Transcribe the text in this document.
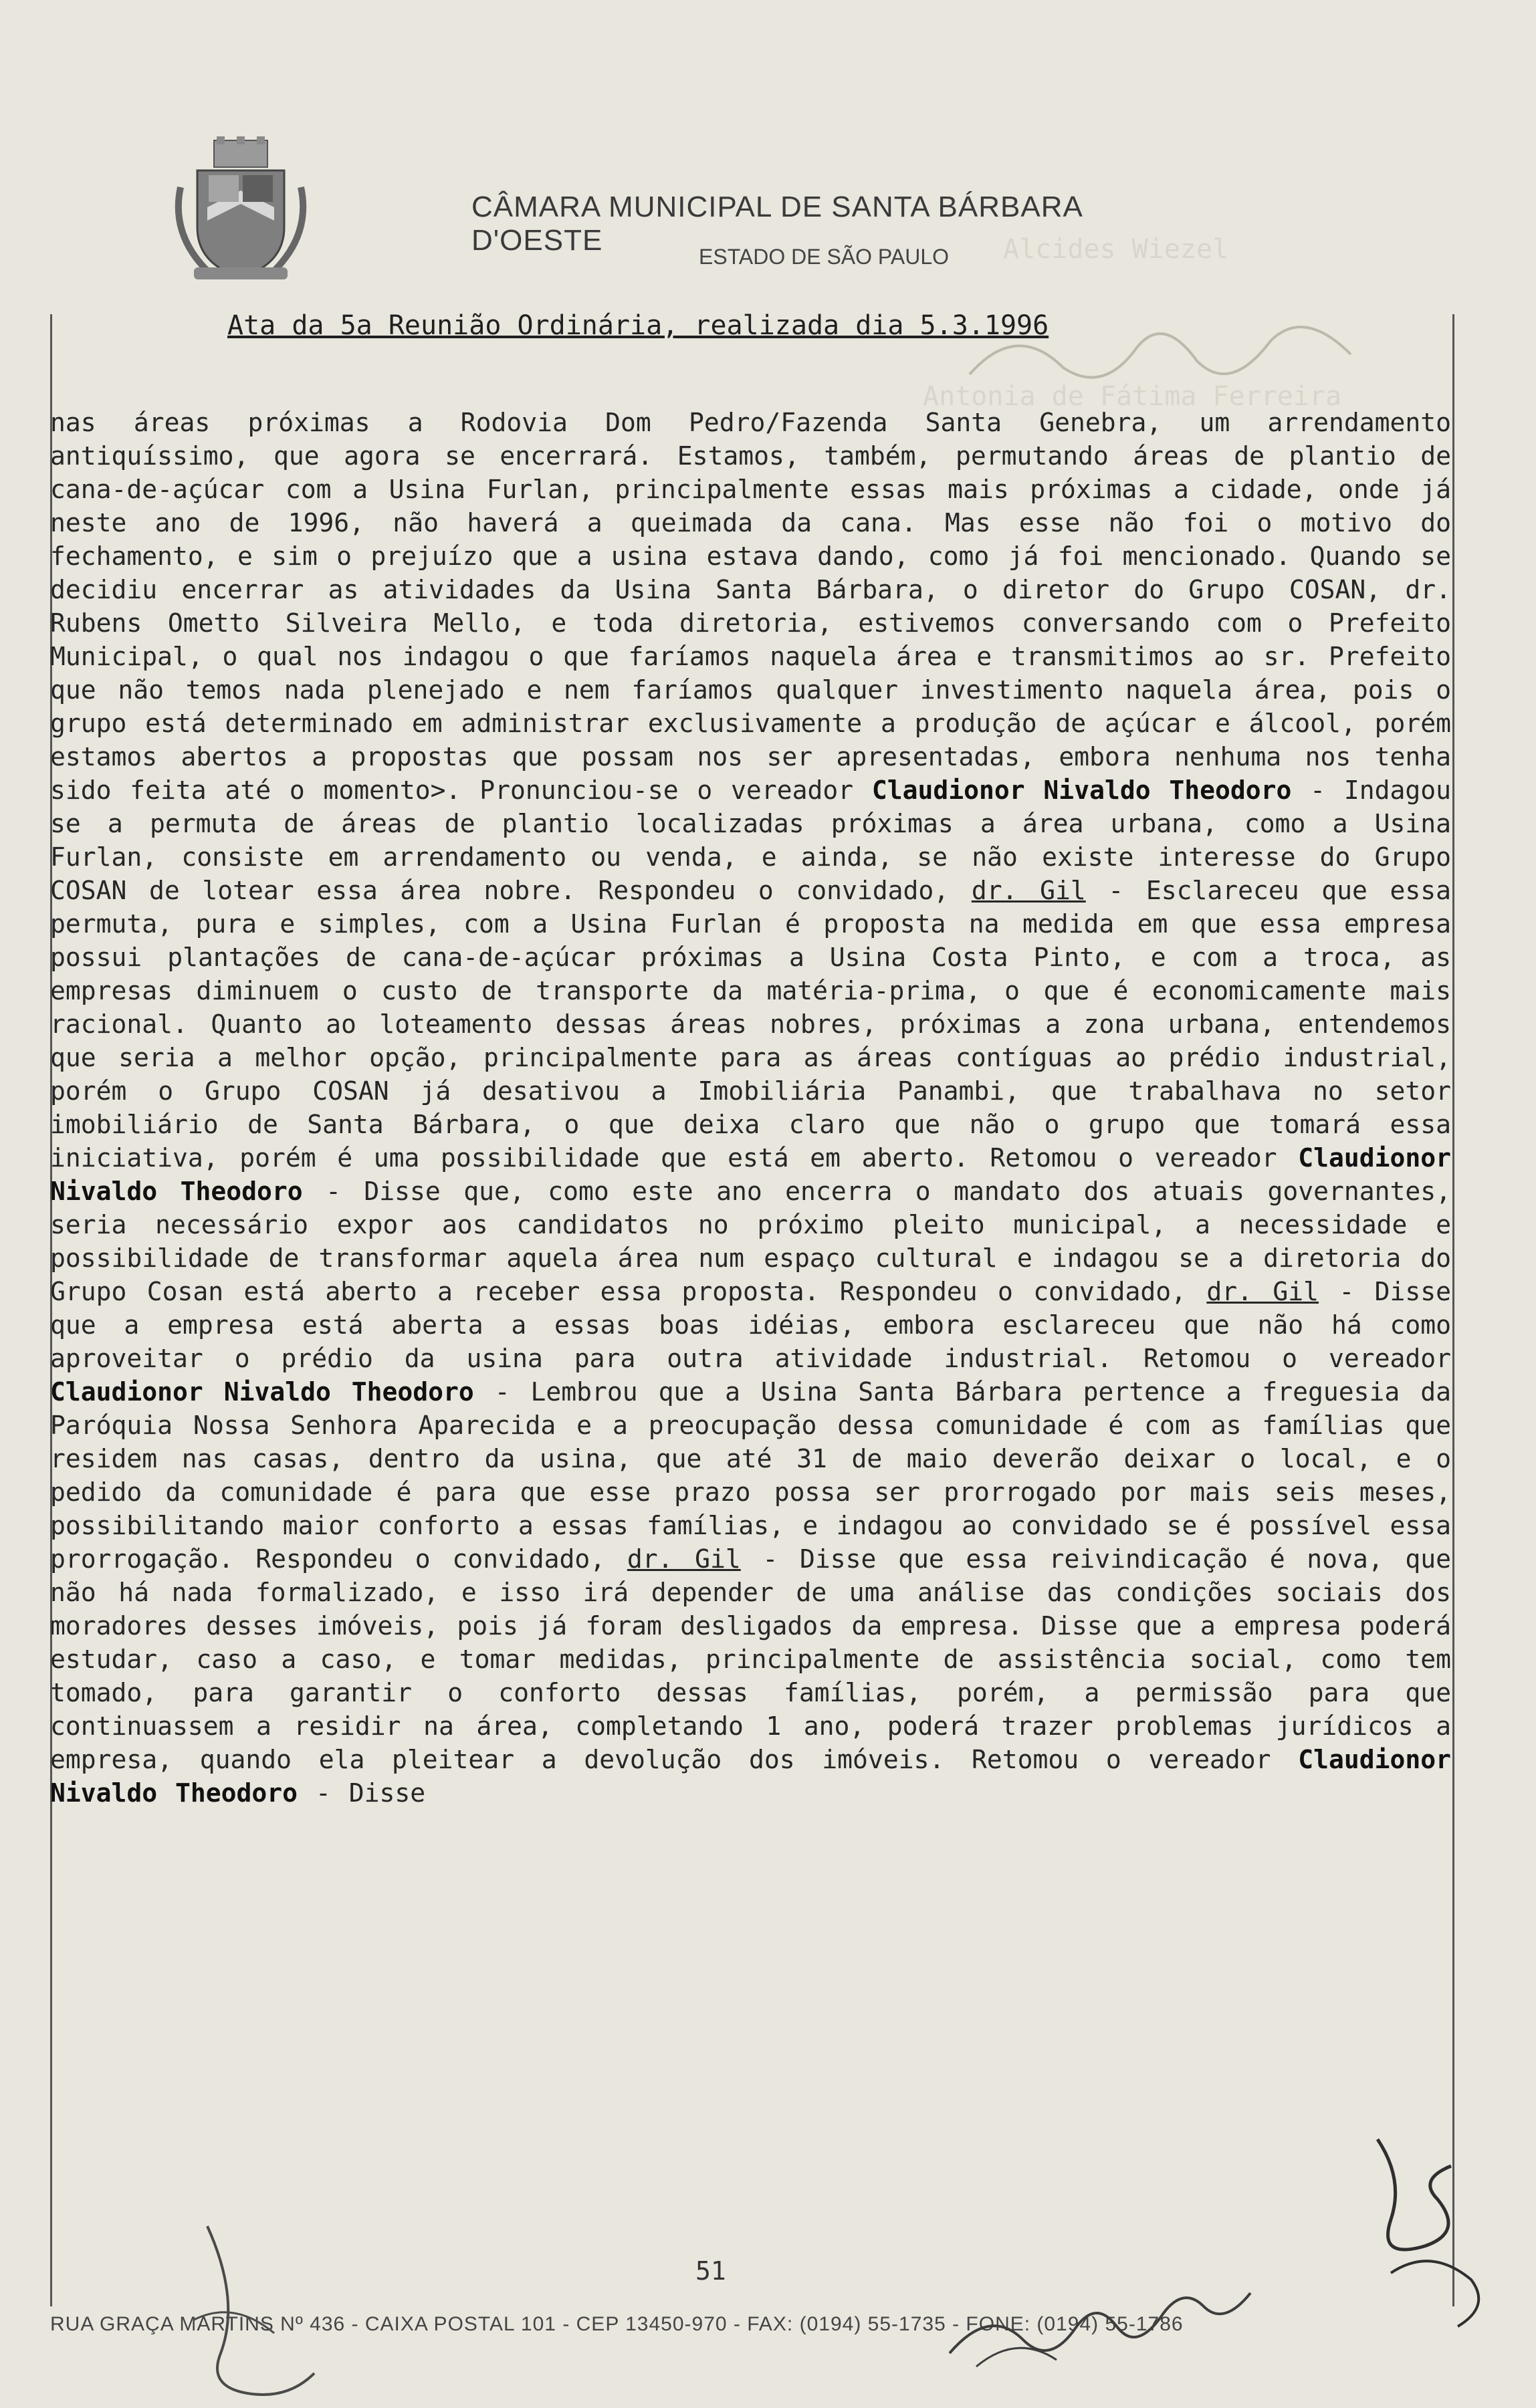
Alcides Wiezel
Antonia de Fátima Ferreira
CÂMARA MUNICIPAL DE SANTA BÁRBARA D'OESTE	ESTADO DE SÃO PAULO
Ata da 5a Reunião Ordinária, realizada dia 5.3.1996
nas áreas próximas a Rodovia Dom Pedro/Fazenda Santa Genebra, um arrendamento antiquíssimo, que agora se encerrará. Estamos, também, permutando áreas de plantio de cana-de-açúcar com a Usina Furlan, principalmente essas mais próximas a cidade, onde já neste ano de 1996, não haverá a queimada da cana. Mas esse não foi o motivo do fechamento, e sim o prejuízo que a usina estava dando, como já foi mencionado. Quando se decidiu encerrar as atividades da Usina Santa Bárbara, o diretor do Grupo COSAN, dr. Rubens Ometto Silveira Mello, e toda diretoria, estivemos conversando com o Prefeito Municipal, o qual nos indagou o que faríamos naquela área e transmitimos ao sr. Prefeito que não temos nada plenejado e nem faríamos qualquer investimento naquela área, pois o grupo está determinado em administrar exclusivamente a produção de açúcar e álcool, porém estamos abertos a propostas que possam nos ser apresentadas, embora nenhuma nos tenha sido feita até o momento>. Pronunciou-se o vereador Claudionor Nivaldo Theodoro - Indagou se a permuta de áreas de plantio localizadas próximas a área urbana, como a Usina Furlan, consiste em arrendamento ou venda, e ainda, se não existe interesse do Grupo COSAN de lotear essa área nobre. Respondeu o convidado, dr. Gil - Esclareceu que essa permuta, pura e simples, com a Usina Furlan é proposta na medida em que essa empresa possui plantações de cana-de-açúcar próximas a Usina Costa Pinto, e com a troca, as empresas diminuem o custo de transporte da matéria-prima, o que é economicamente mais racional. Quanto ao loteamento dessas áreas nobres, próximas a zona urbana, entendemos que seria a melhor opção, principalmente para as áreas contíguas ao prédio industrial, porém o Grupo COSAN já desativou a Imobiliária Panambi, que trabalhava no setor imobiliário de Santa Bárbara, o que deixa claro que não o grupo que tomará essa iniciativa, porém é uma possibilidade que está em aberto. Retomou o vereador Claudionor Nivaldo Theodoro - Disse que, como este ano encerra o mandato dos atuais governantes, seria necessário expor aos candidatos no próximo pleito municipal, a necessidade e possibilidade de transformar aquela área num espaço cultural e indagou se a diretoria do Grupo Cosan está aberto a receber essa proposta. Respondeu o convidado, dr. Gil - Disse que a empresa está aberta a essas boas idéias, embora esclareceu que não há como aproveitar o prédio da usina para outra atividade industrial. Retomou o vereador Claudionor Nivaldo Theodoro - Lembrou que a Usina Santa Bárbara pertence a freguesia da Paróquia Nossa Senhora Aparecida e a preocupação dessa comunidade é com as famílias que residem nas casas, dentro da usina, que até 31 de maio deverão deixar o local, e o pedido da comunidade é para que esse prazo possa ser prorrogado por mais seis meses, possibilitando maior conforto a essas famílias, e indagou ao convidado se é possível essa prorrogação. Respondeu o convidado, dr. Gil - Disse que essa reivindicação é nova, que não há nada formalizado, e isso irá depender de uma análise das condições sociais dos moradores desses imóveis, pois já foram desligados da empresa. Disse que a empresa poderá estudar, caso a caso, e tomar medidas, principalmente de assistência social, como tem tomado, para garantir o conforto dessas famílias, porém, a permissão para que continuassem a residir na área, completando 1 ano, poderá trazer problemas jurídicos a empresa, quando ela pleitear a devolução dos imóveis. Retomou o vereador Claudionor Nivaldo Theodoro - Disse
51
RUA GRAÇA MARTINS Nº 436 - CAIXA POSTAL 101 - CEP 13450-970 - FAX: (0194) 55-1735 - FONE: (0194) 55-1786
